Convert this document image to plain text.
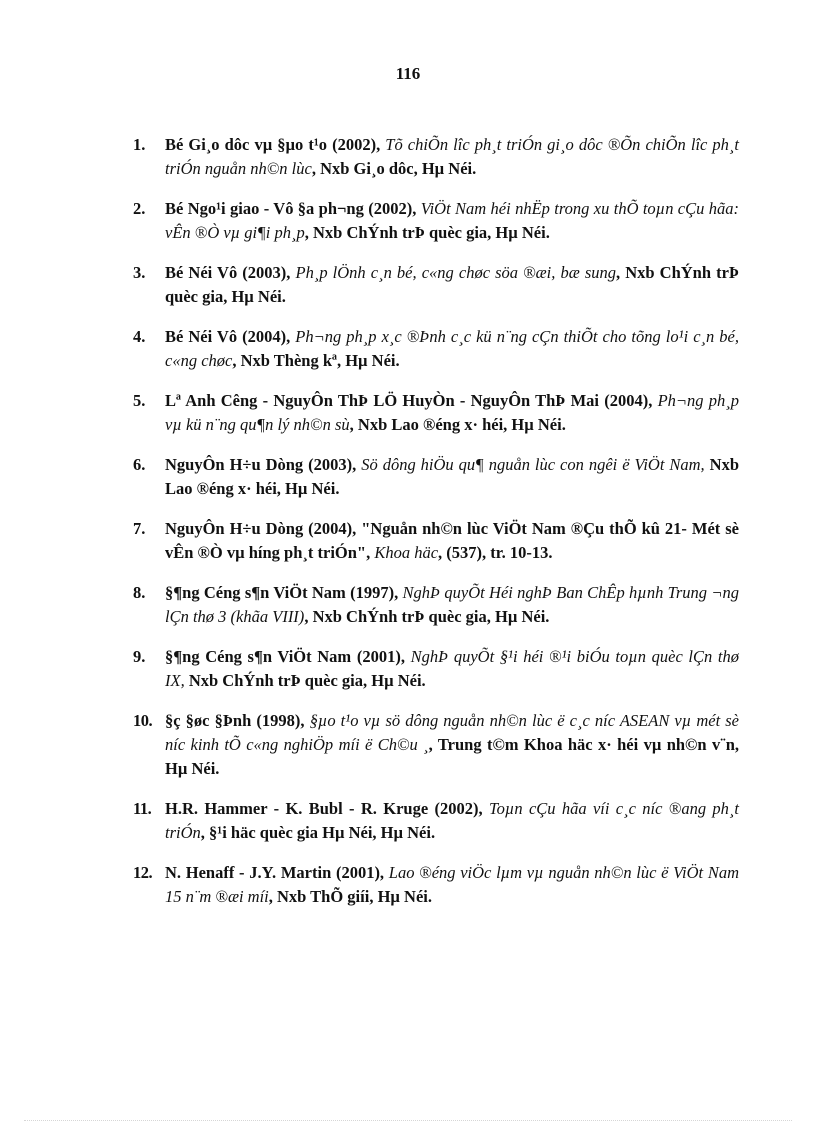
116
1. Bé Gi¸o dôc vµ §µo t¹o (2002), Tõ chiÕn lîc ph¸t triÓn gi¸o dôc ®Õn chiÕn lîc ph¸t triÓn nguån nh©n lùc, Nxb Gi¸o dôc, Hµ Néi.
2. Bé Ngo¹i giao - Vô §a ph¬ng (2002), ViÖt Nam héi nhËp trong xu thÕ toµn cÇu hãa: vÊn ®Ò vµ gi¶i ph¸p, Nxb ChÝnh trÞ quèc gia, Hµ Néi.
3. Bé Néi Vô (2003), Ph¸p lÖnh c¸n bé, c«ng chøc söa ®æi, bæ sung, Nxb ChÝnh trÞ quèc gia, Hµ Néi.
4. Bé Néi Vô (2004), Ph¬ng ph¸p x¸c ®Þnh c¸c kü n¨ng cÇn thiÕt cho tõng lo¹i c¸n bé, c«ng chøc, Nxb Thèng kª, Hµ Néi.
5. Lª Anh Cêng - NguyÔn ThÞ LÖ HuyÒn - NguyÔn ThÞ Mai (2004), Ph¬ng ph¸p vµ kü n¨ng qu¶n lý nh©n sù, Nxb Lao ®éng x· héi, Hµ Néi.
6. NguyÔn H÷u Dòng (2003), Sö dông hiÖu qu¶ nguån lùc con ngêi ë ViÖt Nam, Nxb Lao ®éng x· héi, Hµ Néi.
7. NguyÔn H÷u Dòng (2004), "Nguån nh©n lùc ViÖt Nam ®Çu thÕ kû 21- Mét sè vÊn ®Ò vµ híng ph¸t triÓn", Khoa häc, (537), tr. 10-13.
8. §¶ng Céng s¶n ViÖt Nam (1997), NghÞ quyÕt Héi nghÞ Ban ChÊp hµnh Trung ¬ng lÇn thø 3 (khãa VIII), Nxb ChÝnh trÞ quèc gia, Hµ Néi.
9. §¶ng Céng s¶n ViÖt Nam (2001), NghÞ quyÕt §¹i héi ®¹i biÓu toµn quèc lÇn thø IX, Nxb ChÝnh trÞ quèc gia, Hµ Néi.
10. §ç §øc §Þnh (1998), §µo t¹o vµ sö dông nguån nh©n lùc ë c¸c níc ASEAN vµ mét sè níc kinh tÕ c«ng nghiÖp míi ë Ch©u ¸, Trung t©m Khoa häc x· héi vµ nh©n v¨n, Hµ Néi.
11. H.R. Hammer - K. Bubl - R. Kruge (2002), Toµn cÇu hãa víi c¸c níc ®ang ph¸t triÓn, §¹i häc quèc gia Hµ Néi, Hµ Néi.
12. N. Henaff - J.Y. Martin (2001), Lao ®éng viÖc lµm vµ nguån nh©n lùc ë ViÖt Nam 15 n¨m ®æi míi, Nxb ThÕ giíi, Hµ Néi.
